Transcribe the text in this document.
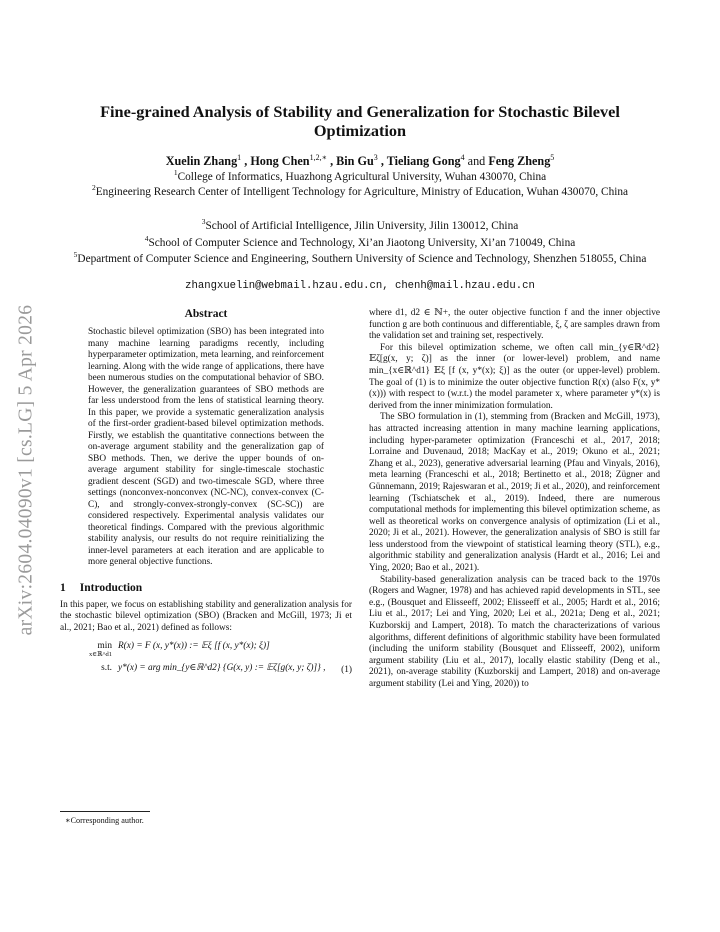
arXiv:2604.04090v1 [cs.LG] 5 Apr 2026
Fine-grained Analysis of Stability and Generalization for Stochastic Bilevel Optimization
Xuelin Zhang$^1$ , Hong Chen$^{1,2,∗}$ , Bin Gu$^3$ , Tieliang Gong$^4$ and Feng Zheng$^5$
$^1$College of Informatics, Huazhong Agricultural University, Wuhan 430070, China
$^2$Engineering Research Center of Intelligent Technology for Agriculture, Ministry of Education, Wuhan 430070, China
$^3$School of Artificial Intelligence, Jilin University, Jilin 130012, China
$^4$School of Computer Science and Technology, Xi’an Jiaotong University, Xi’an 710049, China
$^5$Department of Computer Science and Engineering, Southern University of Science and Technology, Shenzhen 518055, China
zhangxuelin@webmail.hzau.edu.cn, chenh@mail.hzau.edu.cn
Abstract

Stochastic bilevel optimization (SBO) has been integrated into many machine learning paradigms recently, including hyperparameter optimization, meta learning, and reinforcement learning. Along with the wide range of applications, there have been numerous studies on the computational behavior of SBO. However, the generalization guarantees of SBO methods are far less understood from the lens of statistical learning theory. In this paper, we provide a systematic generalization analysis of the first-order gradient-based bilevel optimization methods. Firstly, we establish the quantitative connections between the on-average argument stability and the generalization gap of SBO methods. Then, we derive the upper bounds of on-average argument stability for single-timescale stochastic gradient descent (SGD) and two-timescale SGD, where three settings (nonconvex-nonconvex (NC-NC), convex-convex (C-C), and strongly-convex-strongly-convex (SC-SC)) are considered respectively. Experimental analysis validates our theoretical findings. Compared with the previous algorithmic stability analysis, our results do not require reinitializing the inner-level parameters at each iteration and are applicable to more general objective functions.

1 Introduction

In this paper, we focus on establishing stability and generalization analysis for the stochastic bilevel optimization (SBO) (Bracken and McGill, 1973; Ji et al., 2021; Bao et al., 2021) defined as follows:

min
x∈ℝ^d1
R(x) = F (x, y*(x)) := 𝔼ξ [f (x, y*(x); ξ)]
s.t. y*(x) = arg min_{y∈ℝ^d2} {G(x, y) := 𝔼ζ[g(x, y; ζ)]} , (1)
∗Corresponding author.

where d1, d2 ∈ ℕ+, the outer objective function f and the inner objective function g are both continuous and differentiable, ξ, ζ are samples drawn from the validation set and training set, respectively.

For this bilevel optimization scheme, we often call min_{y∈ℝ^d2} 𝔼ζ[g(x, y; ζ)] as the inner (or lower-level) problem, and name min_{x∈ℝ^d1} 𝔼ξ [f (x, y*(x); ξ)] as the outer (or upper-level) problem. The goal of (1) is to minimize the outer objective function R(x) (also F(x, y*(x))) with respect to (w.r.t.) the model parameter x, where parameter y*(x) is derived from the inner minimization formulation.

The SBO formulation in (1), stemming from (Bracken and McGill, 1973), has attracted increasing attention in many machine learning applications, including hyper-parameter optimization (Franceschi et al., 2017, 2018; Lorraine and Duvenaud, 2018; MacKay et al., 2019; Okuno et al., 2021; Zhang et al., 2023), generative adversarial learning (Pfau and Vinyals, 2016), meta learning (Franceschi et al., 2018; Bertinetto et al., 2018; Zügner and Günnemann, 2019; Rajeswaran et al., 2019; Ji et al., 2020), and reinforcement learning (Tschiatschek et al., 2019). Indeed, there are numerous computational methods for implementing this bilevel optimization scheme, as well as theoretical works on convergence analysis of optimization (Li et al., 2020; Ji et al., 2021). However, the generalization analysis of SBO is still far less understood from the viewpoint of statistical learning theory (STL), e.g., algorithmic stability and generalization analysis (Hardt et al., 2016; Lei and Ying, 2020; Bao et al., 2021).

Stability-based generalization analysis can be traced back to the 1970s (Rogers and Wagner, 1978) and has achieved rapid developments in STL, see e.g., (Bousquet and Elisseeff, 2002; Elisseeff et al., 2005; Hardt et al., 2016; Liu et al., 2017; Lei and Ying, 2020; Lei et al., 2021a; Deng et al., 2021; Kuzborskij and Lampert, 2018). To match the characterizations of various algorithms, different definitions of algorithmic stability have been formulated (including the uniform stability (Bousquet and Elisseeff, 2002), uniform argument stability (Liu et al., 2017), locally elastic stability (Deng et al., 2021), on-average stability (Kuzborskij and Lampert, 2018) and on-average argument stability (Lei and Ying, 2020)) to
